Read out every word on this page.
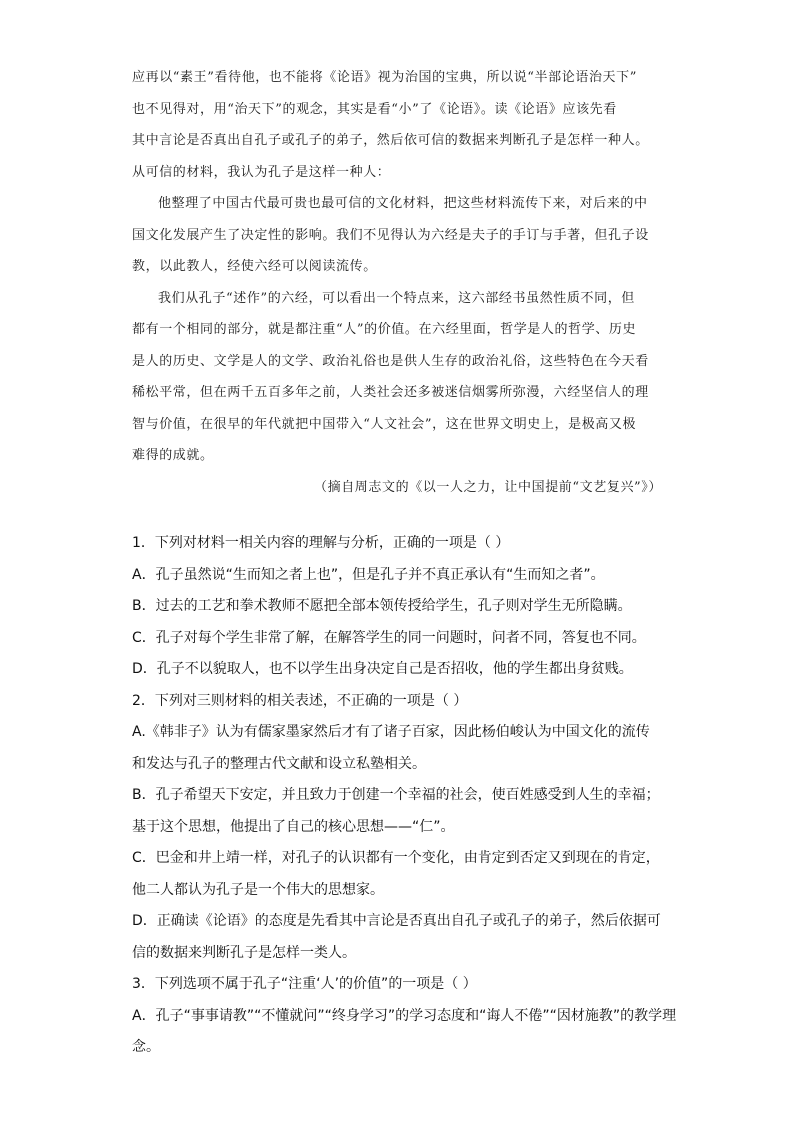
应再以“素王”看待他，也不能将《论语》视为治国的宝典，所以说“半部论语治天下”

也不见得对，用“治天下”的观念，其实是看“小”了《论语》。读《论语》应该先看

其中言论是否真出自孔子或孔子的弟子，然后依可信的数据来判断孔子是怎样一种人。

从可信的材料，我认为孔子是这样一种人：

他整理了中国古代最可贵也最可信的文化材料，把这些材料流传下来，对后来的中

国文化发展产生了决定性的影响。我们不见得认为六经是夫子的手订与手著，但孔子设

教，以此教人，经使六经可以阅读流传。

我们从孔子“述作”的六经，可以看出一个特点来，这六部经书虽然性质不同，但

都有一个相同的部分，就是都注重“人”的价值。在六经里面，哲学是人的哲学、历史

是人的历史、文学是人的文学、政治礼俗也是供人生存的政治礼俗，这些特色在今天看

稀松平常，但在两千五百多年之前，人类社会还多被迷信烟雾所弥漫，六经坚信人的理

智与价值，在很早的年代就把中国带入“人文社会”，这在世界文明史上，是极高又极

难得的成就。

（摘自周志文的《以一人之力，让中国提前“文艺复兴”》）

1．下列对材料一相关内容的理解与分析，正确的一项是（ ）

A．孔子虽然说“生而知之者上也”，但是孔子并不真正承认有“生而知之者”。

B．过去的工艺和拳术教师不愿把全部本领传授给学生，孔子则对学生无所隐瞒。

C．孔子对每个学生非常了解，在解答学生的同一问题时，问者不同，答复也不同。

D．孔子不以貌取人，也不以学生出身决定自己是否招收，他的学生都出身贫贱。

2．下列对三则材料的相关表述，不正确的一项是（ ）

A.《韩非子》认为有儒家墨家然后才有了诸子百家，因此杨伯峻认为中国文化的流传

和发达与孔子的整理古代文献和设立私塾相关。

B．孔子希望天下安定，并且致力于创建一个幸福的社会，使百姓感受到人生的幸福；

基于这个思想，他提出了自己的核心思想——“仁”。

C．巴金和井上靖一样，对孔子的认识都有一个变化，由肯定到否定又到现在的肯定，

他二人都认为孔子是一个伟大的思想家。

D．正确读《论语》的态度是先看其中言论是否真出自孔子或孔子的弟子，然后依据可

信的数据来判断孔子是怎样一类人。

3．下列选项不属于孔子“注重‘人’的价值”的一项是（ ）

A．孔子“事事请教”“不懂就问”“终身学习”的学习态度和“诲人不倦”“因材施教”的教学理

念。
